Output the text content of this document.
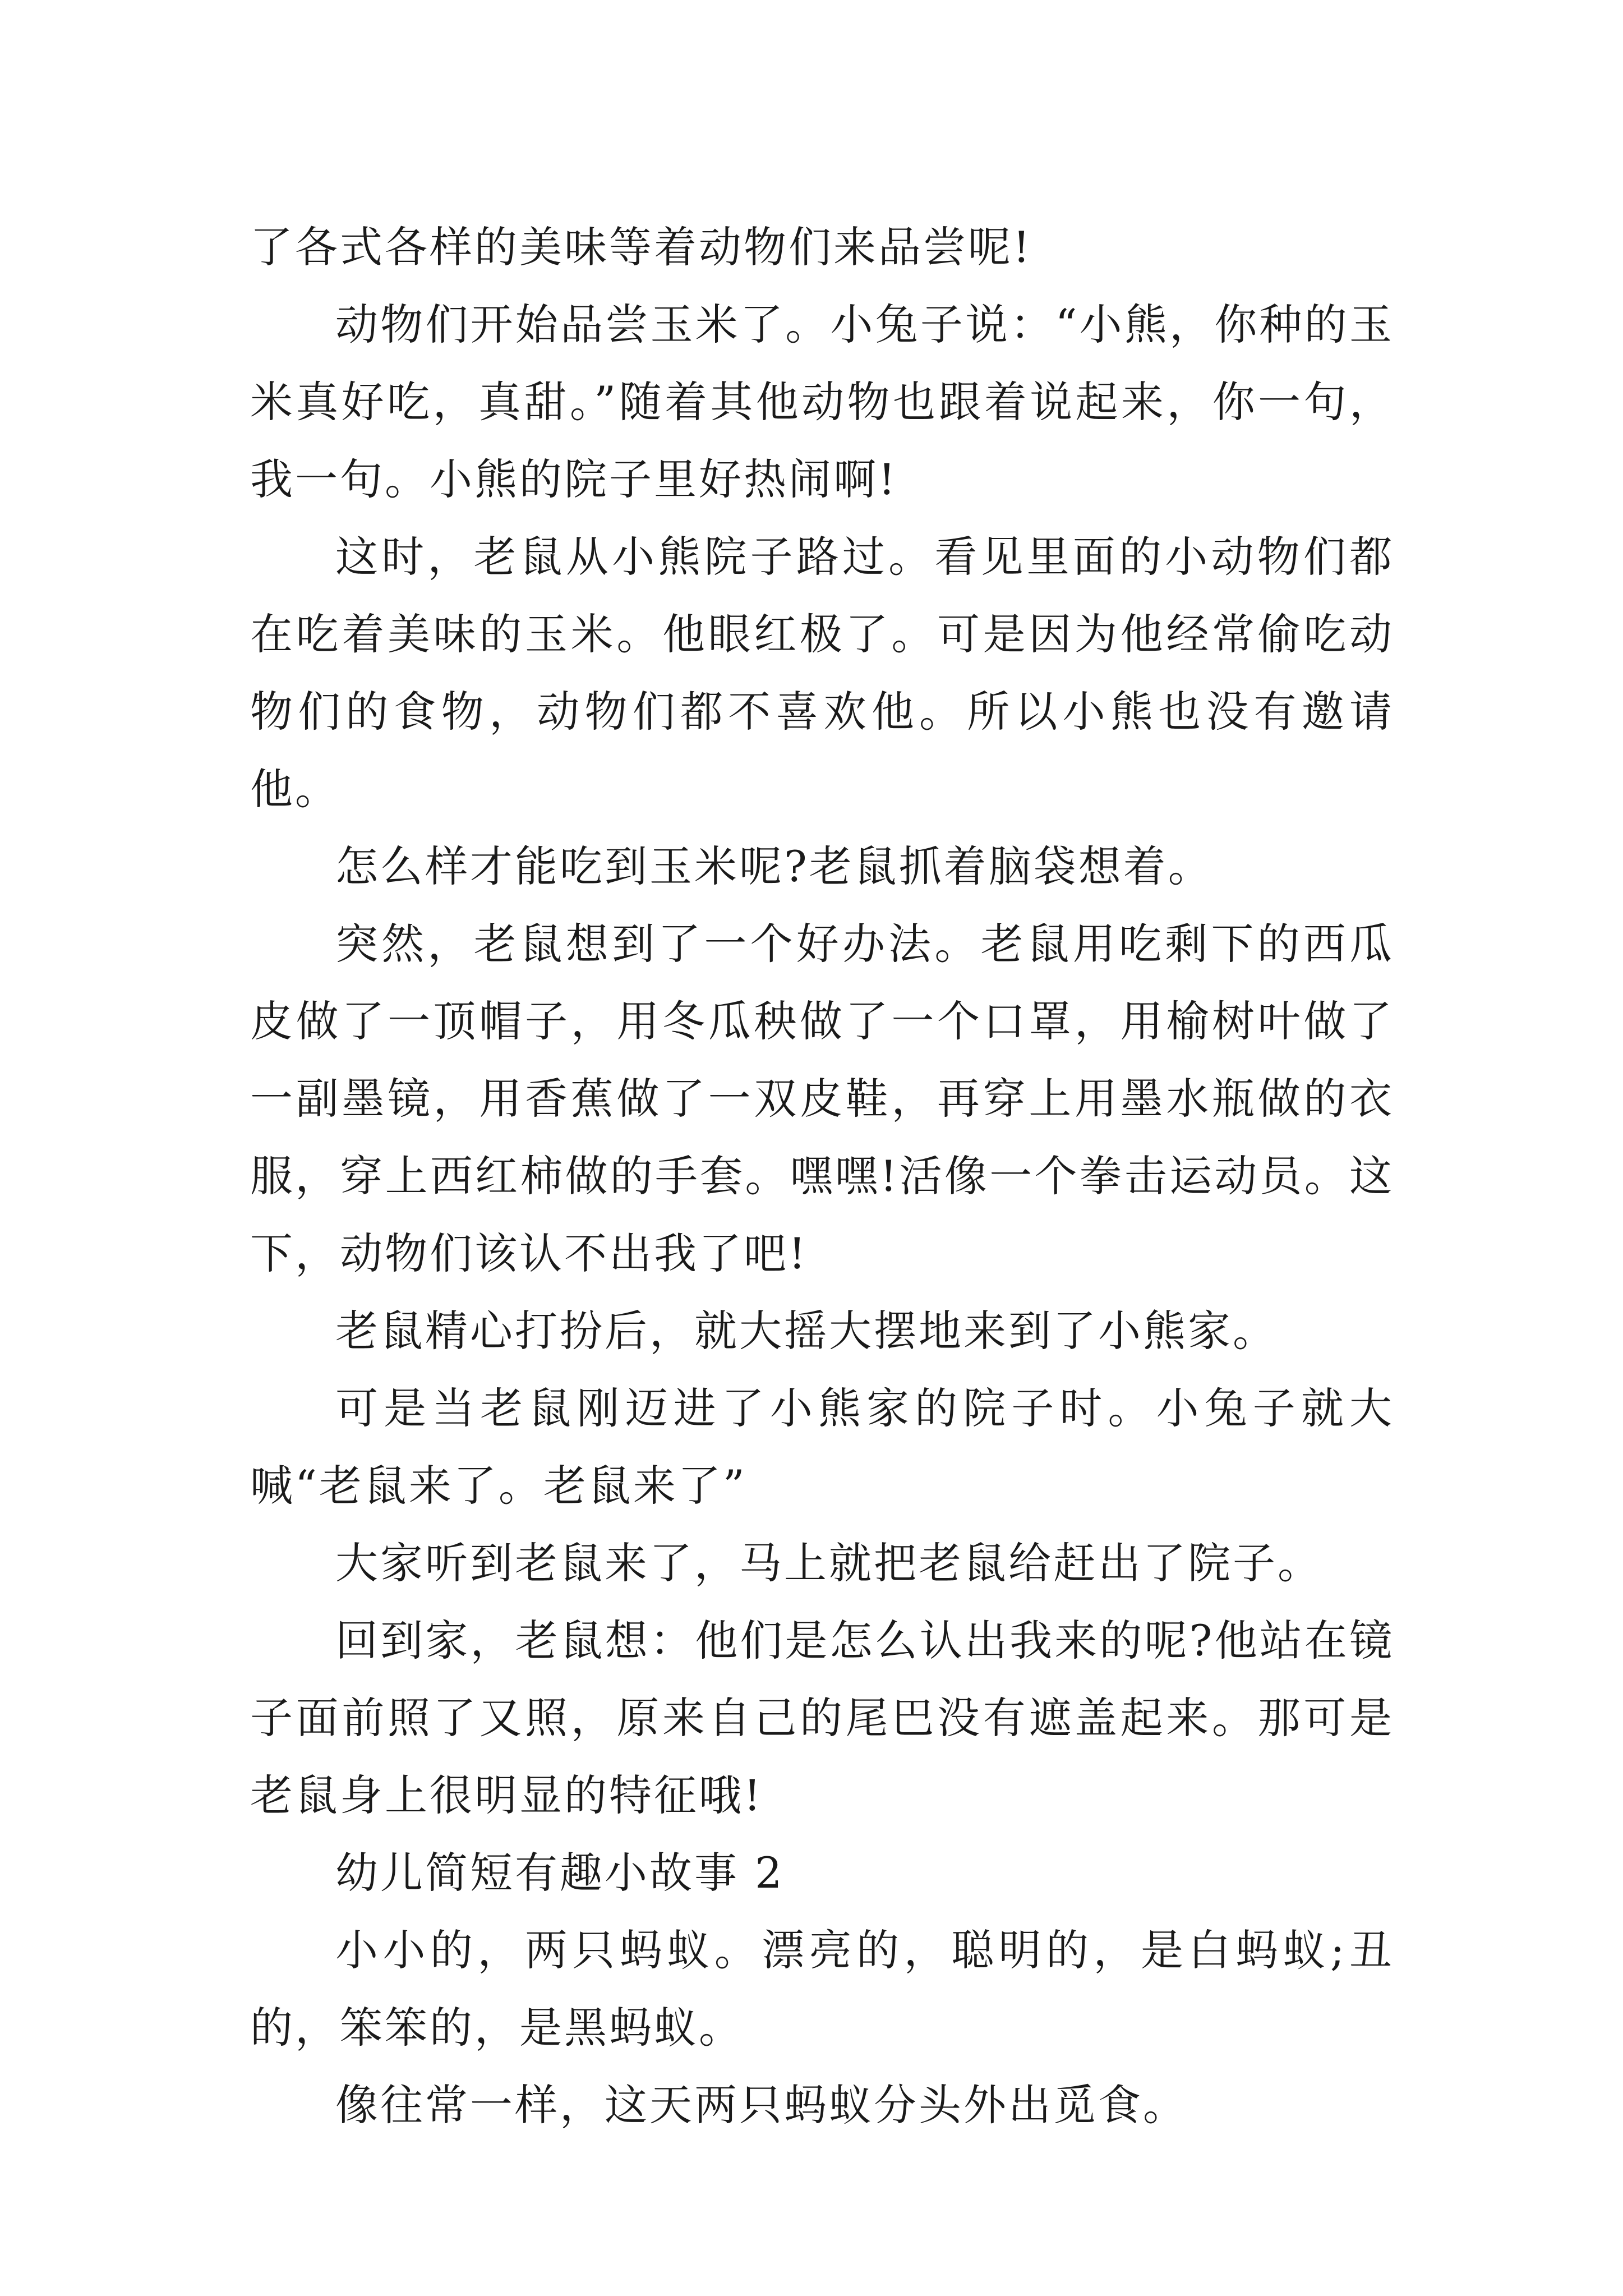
了各式各样的美味等着动物们来品尝呢!

动物们开始品尝玉米了。小兔子说：“小熊，你种的玉米真好吃，真甜。”随着其他动物也跟着说起来，你一句，我一句。小熊的院子里好热闹啊!

这时，老鼠从小熊院子路过。看见里面的小动物们都在吃着美味的玉米。他眼红极了。可是因为他经常偷吃动物们的食物，动物们都不喜欢他。所以小熊也没有邀请他。

怎么样才能吃到玉米呢?老鼠抓着脑袋想着。

突然，老鼠想到了一个好办法。老鼠用吃剩下的西瓜皮做了一顶帽子，用冬瓜秧做了一个口罩，用榆树叶做了一副墨镜，用香蕉做了一双皮鞋，再穿上用墨水瓶做的衣服，穿上西红柿做的手套。嘿嘿!活像一个拳击运动员。这下，动物们该认不出我了吧!

老鼠精心打扮后，就大摇大摆地来到了小熊家。

可是当老鼠刚迈进了小熊家的院子时。小兔子就大喊“老鼠来了。老鼠来了”

大家听到老鼠来了，马上就把老鼠给赶出了院子。

回到家，老鼠想：他们是怎么认出我来的呢?他站在镜子面前照了又照，原来自己的尾巴没有遮盖起来。那可是老鼠身上很明显的特征哦!

幼儿简短有趣小故事 2

小小的，两只蚂蚁。漂亮的，聪明的，是白蚂蚁;丑的，笨笨的，是黑蚂蚁。

像往常一样，这天两只蚂蚁分头外出觅食。
